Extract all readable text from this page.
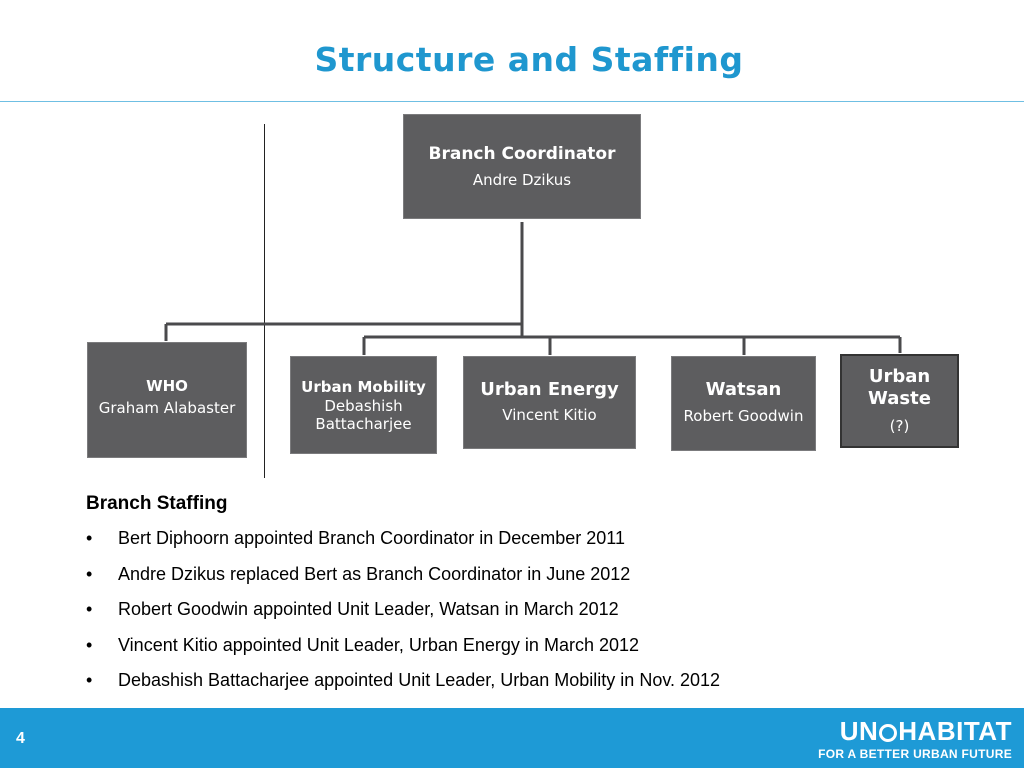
Structure and Staffing
Branch Coordinator
Andre Dzikus
WHO
Graham Alabaster
Urban Mobility
Debashish Battacharjee
Urban Energy
Vincent Kitio
Watsan
Robert Goodwin
Urban Waste
(?)
Branch Staffing
•	Bert Diphoorn appointed Branch Coordinator in December 2011
•	Andre Dzikus replaced Bert as Branch Coordinator in June 2012
•	Robert Goodwin appointed Unit Leader, Watsan in March 2012
•	Vincent Kitio appointed Unit Leader, Urban Energy in March 2012
•	Debashish Battacharjee appointed Unit Leader, Urban Mobility in Nov. 2012
4	UN HABITAT
FOR A BETTER URBAN FUTURE
